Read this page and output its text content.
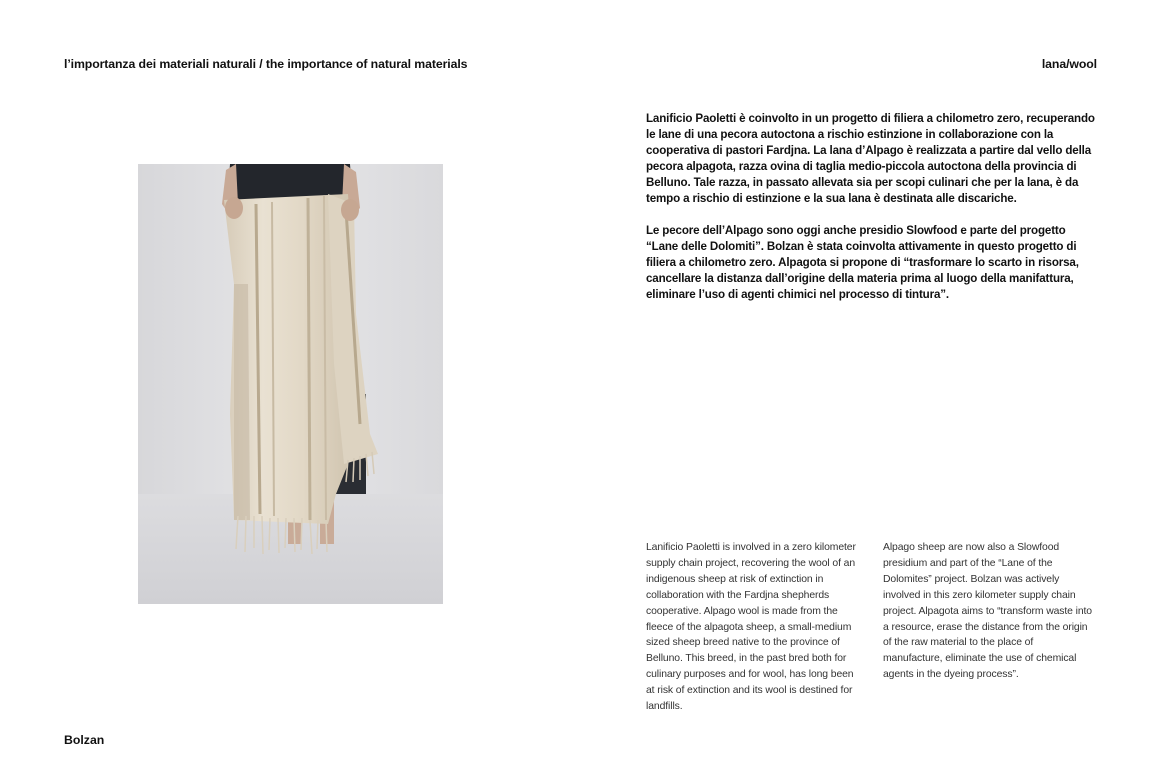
l’importanza dei materiali naturali / the importance of natural materials	lana/wool

Lanificio Paoletti è coinvolto in un progetto di filiera a chilometro zero, recuperando le lane di una pecora autoctona a rischio estinzione in collaborazione con la cooperativa di pastori Fardjna. La lana d’Alpago è realizzata a partire dal vello della pecora alpagota, razza ovina di taglia medio-piccola autoctona della provincia di Belluno. Tale razza, in passato allevata sia per scopi culinari che per la lana, è da tempo a rischio di estinzione e la sua lana è destinata alle discariche.

Le pecore dell’Alpago sono oggi anche presidio Slowfood e parte del progetto “Lane delle Dolomiti”. Bolzan è stata coinvolta attivamente in questo progetto di filiera a chilometro zero. Alpagota si propone di “trasformare lo scarto in risorsa, cancellare la distanza dall’origine della materia prima al luogo della manifattura, eliminare l’uso di agenti chimici nel processo di tintura”.

Lanificio Paoletti is involved in a zero kilometer supply chain project, recovering the wool of an indigenous sheep at risk of extinction in collaboration with the Fardjna shepherds cooperative. Alpago wool is made from the fleece of the alpagota sheep, a small-medium sized sheep breed native to the province of Belluno. This breed, in the past bred both for culinary purposes and for wool, has long been at risk of extinction and its wool is destined for landfills.

Alpago sheep are now also a Slowfood presidium and part of the “Lane of the Dolomites” project. Bolzan was actively involved in this zero kilometer supply chain project. Alpagota aims to “transform waste into a resource, erase the distance from the origin of the raw material to the place of manufacture, eliminate the use of chemical agents in the dyeing process”.

Bolzan
